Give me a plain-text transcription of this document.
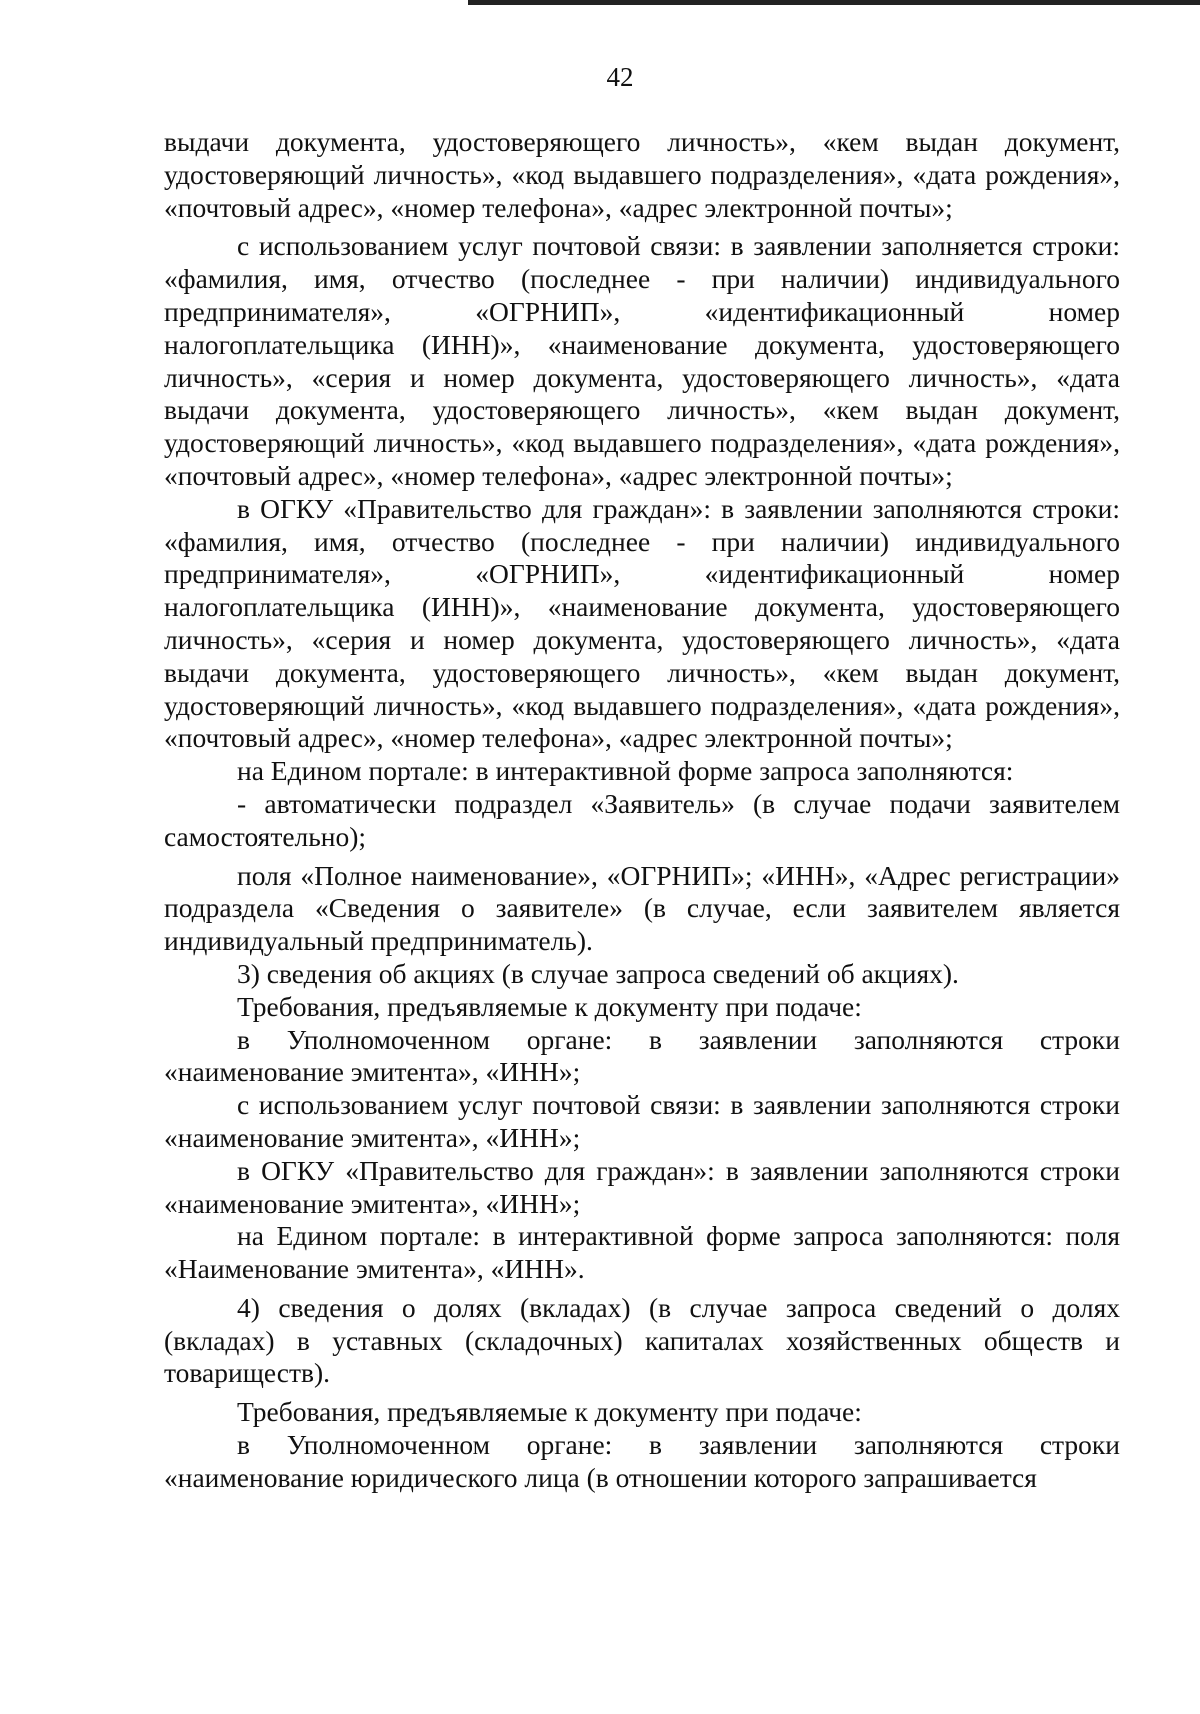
42

выдачи документа, удостоверяющего личность», «кем выдан документ, удостоверяющий личность», «код выдавшего подразделения», «дата рождения», «почтовый адрес», «номер телефона», «адрес электронной почты»;

с использованием услуг почтовой связи: в заявлении заполняется строки: «фамилия, имя, отчество (последнее - при наличии) индивидуального предпринимателя», «ОГРНИП», «идентификационный номер налогоплательщика (ИНН)», «наименование документа, удостоверяющего личность», «серия и номер документа, удостоверяющего личность», «дата выдачи документа, удостоверяющего личность», «кем выдан документ, удостоверяющий личность», «код выдавшего подразделения», «дата рождения», «почтовый адрес», «номер телефона», «адрес электронной почты»;

в ОГКУ «Правительство для граждан»: в заявлении заполняются строки: «фамилия, имя, отчество (последнее - при наличии) индивидуального предпринимателя», «ОГРНИП», «идентификационный номер налогоплательщика (ИНН)», «наименование документа, удостоверяющего личность», «серия и номер документа, удостоверяющего личность», «дата выдачи документа, удостоверяющего личность», «кем выдан документ, удостоверяющий личность», «код выдавшего подразделения», «дата рождения», «почтовый адрес», «номер телефона», «адрес электронной почты»;

на Едином портале: в интерактивной форме запроса заполняются:

- автоматически подраздел «Заявитель» (в случае подачи заявителем самостоятельно);

поля «Полное наименование», «ОГРНИП»; «ИНН», «Адрес регистрации» подраздела «Сведения о заявителе» (в случае, если заявителем является индивидуальный предприниматель).

3) сведения об акциях (в случае запроса сведений об акциях).

Требования, предъявляемые к документу при подаче:

в Уполномоченном органе: в заявлении заполняются строки «наименование эмитента», «ИНН»;

с использованием услуг почтовой связи: в заявлении заполняются строки «наименование эмитента», «ИНН»;

в ОГКУ «Правительство для граждан»: в заявлении заполняются строки «наименование эмитента», «ИНН»;

на Едином портале: в интерактивной форме запроса заполняются: поля «Наименование эмитента», «ИНН».

4) сведения о долях (вкладах) (в случае запроса сведений о долях (вкладах) в уставных (складочных) капиталах хозяйственных обществ и товариществ).

Требования, предъявляемые к документу при подаче:

в Уполномоченном органе: в заявлении заполняются строки «наименование юридического лица (в отношении которого запрашивается
